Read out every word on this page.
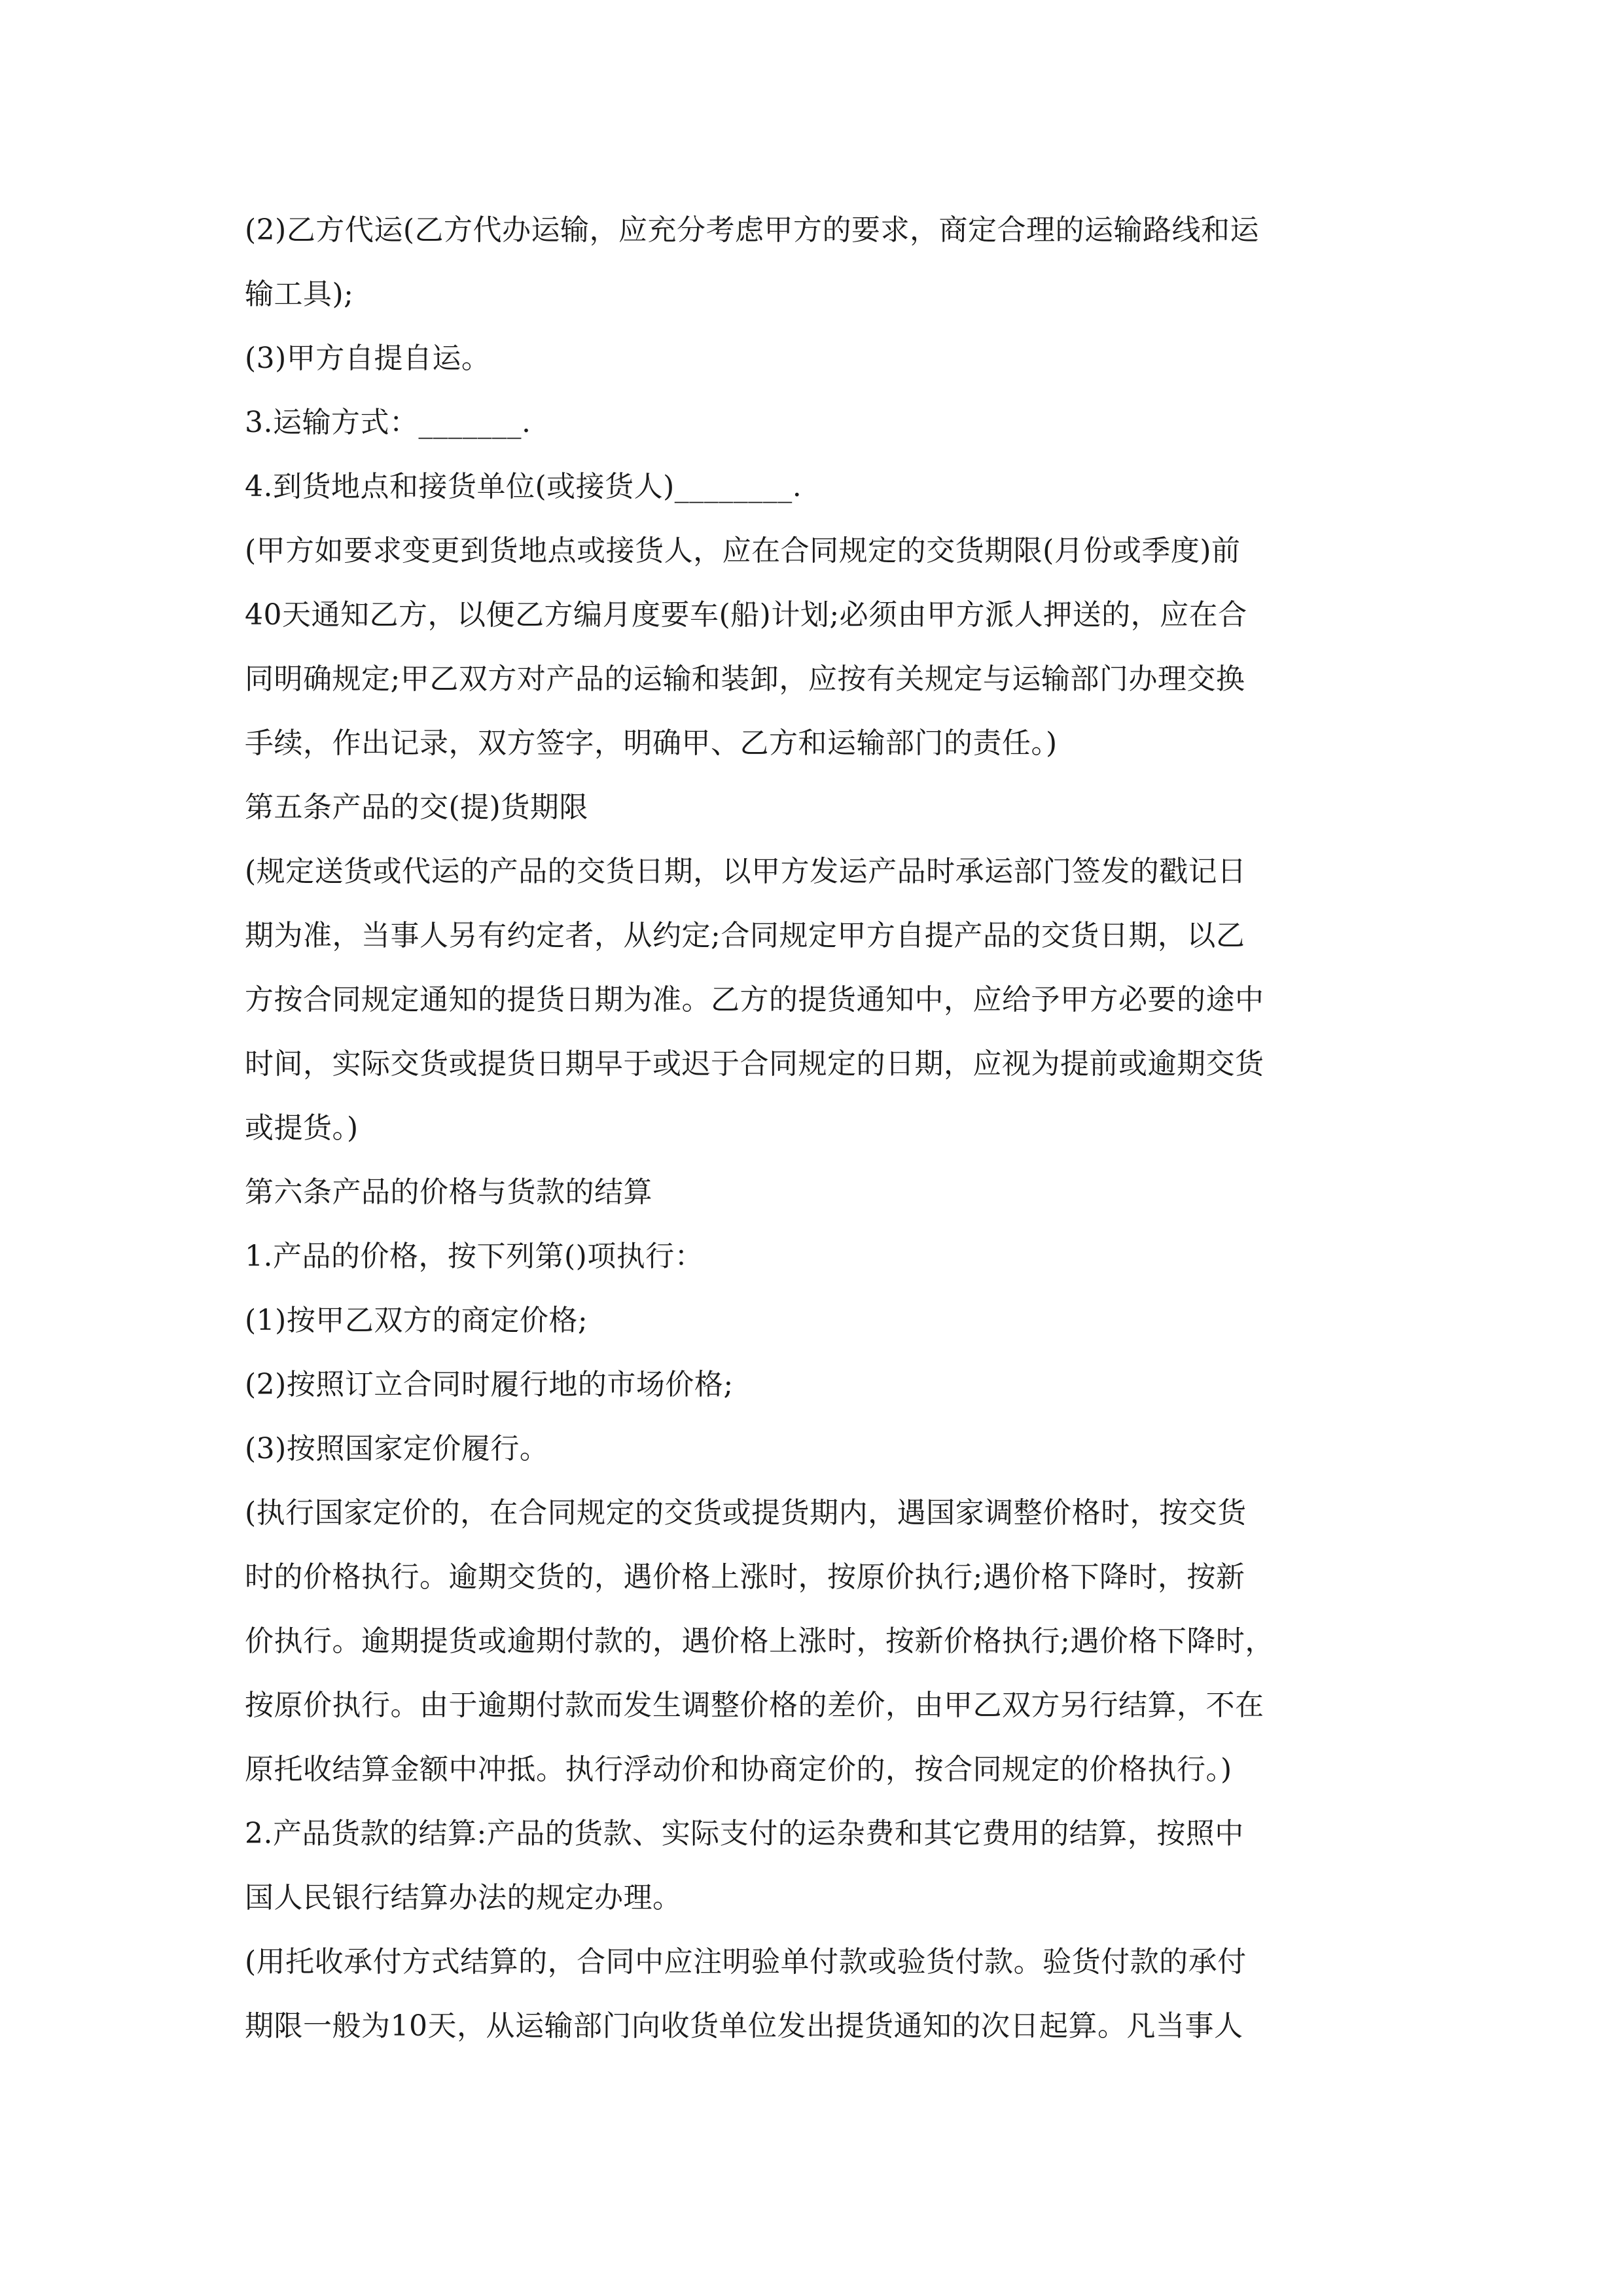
(2)乙方代运(乙方代办运输，应充分考虑甲方的要求，商定合理的运输路线和运
输工具);
(3)甲方自提自运。
3.运输方式：_______.
4.到货地点和接货单位(或接货人)________.
(甲方如要求变更到货地点或接货人，应在合同规定的交货期限(月份或季度)前
40天通知乙方，以便乙方编月度要车(船)计划;必须由甲方派人押送的，应在合
同明确规定;甲乙双方对产品的运输和装卸，应按有关规定与运输部门办理交换
手续，作出记录，双方签字，明确甲、乙方和运输部门的责任。)
第五条产品的交(提)货期限
(规定送货或代运的产品的交货日期，以甲方发运产品时承运部门签发的戳记日
期为准，当事人另有约定者，从约定;合同规定甲方自提产品的交货日期，以乙
方按合同规定通知的提货日期为准。乙方的提货通知中，应给予甲方必要的途中
时间，实际交货或提货日期早于或迟于合同规定的日期，应视为提前或逾期交货
或提货。)
第六条产品的价格与货款的结算
1.产品的价格，按下列第()项执行：
(1)按甲乙双方的商定价格;
(2)按照订立合同时履行地的市场价格;
(3)按照国家定价履行。
(执行国家定价的，在合同规定的交货或提货期内，遇国家调整价格时，按交货
时的价格执行。逾期交货的，遇价格上涨时，按原价执行;遇价格下降时，按新
价执行。逾期提货或逾期付款的，遇价格上涨时，按新价格执行;遇价格下降时，
按原价执行。由于逾期付款而发生调整价格的差价，由甲乙双方另行结算，不在
原托收结算金额中冲抵。执行浮动价和协商定价的，按合同规定的价格执行。)
2.产品货款的结算:产品的货款、实际支付的运杂费和其它费用的结算，按照中
国人民银行结算办法的规定办理。
(用托收承付方式结算的，合同中应注明验单付款或验货付款。验货付款的承付
期限一般为10天，从运输部门向收货单位发出提货通知的次日起算。凡当事人
